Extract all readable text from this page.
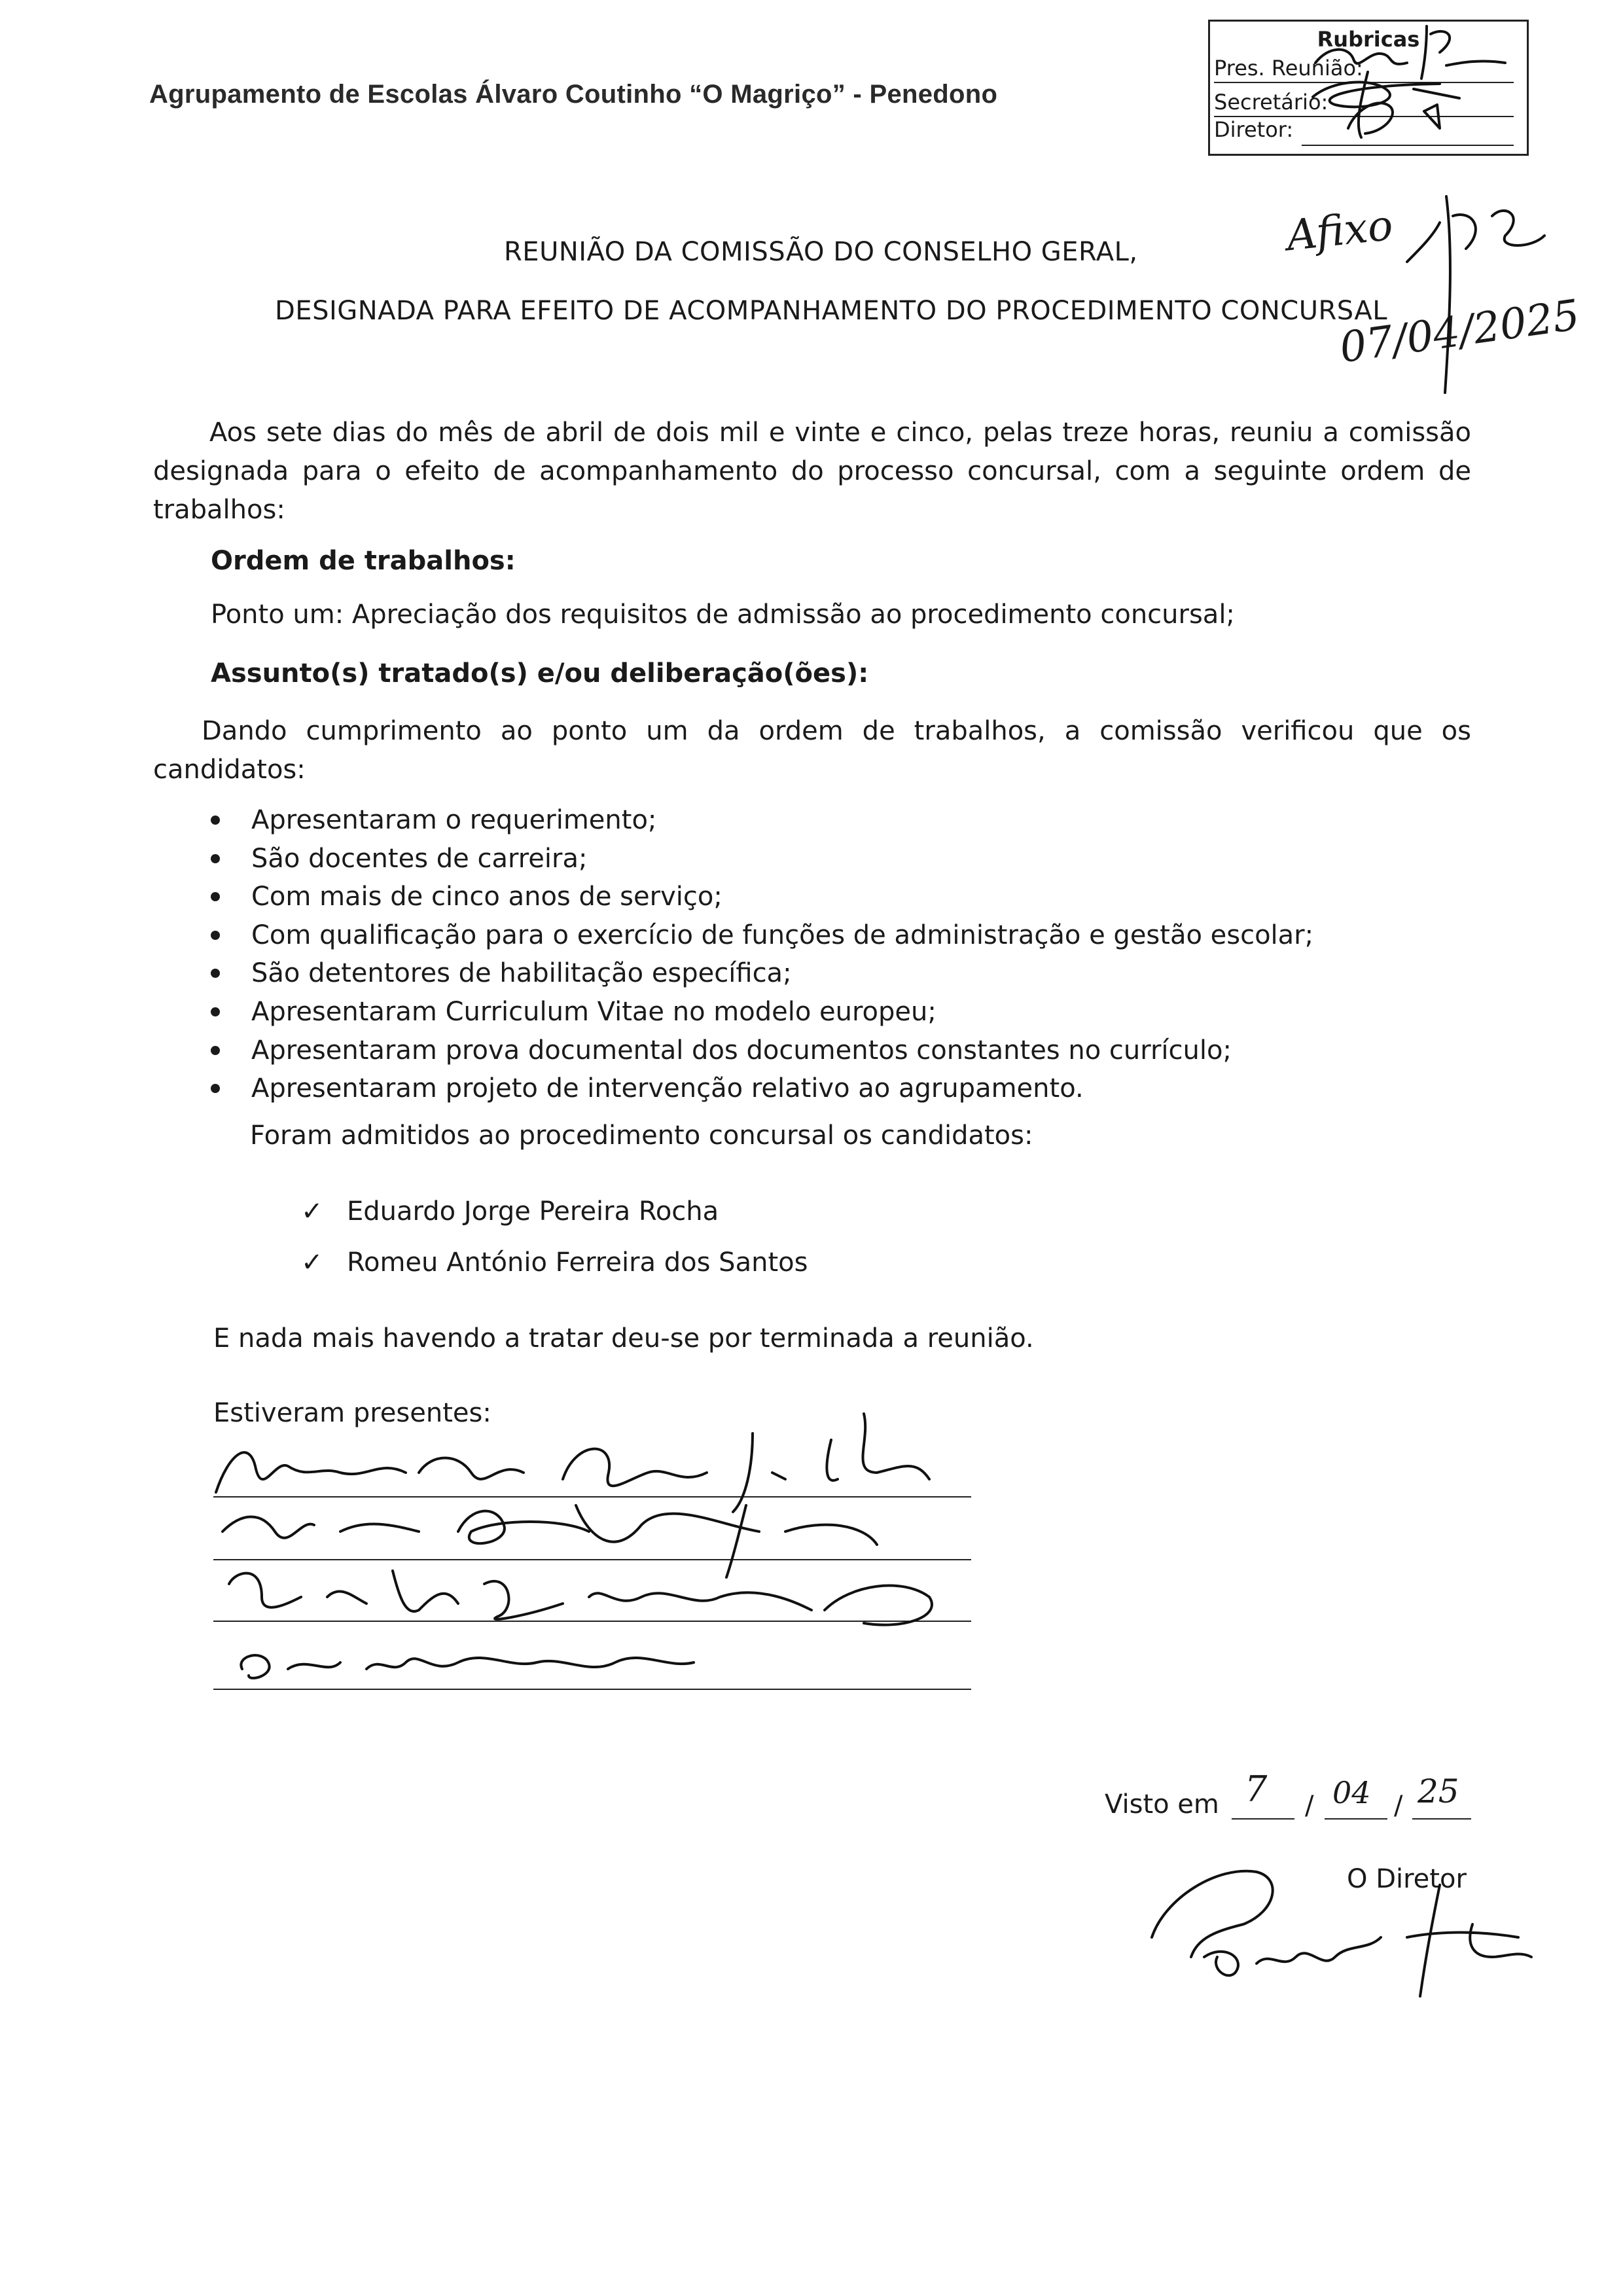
Agrupamento de Escolas Álvaro Coutinho “O Magriço” - Penedono
Rubricas
Pres. Reunião:
Secretário:
Diretor:
REUNIÃO DA COMISSÃO DO CONSELHO GERAL,
DESIGNADA PARA EFEITO DE ACOMPANHAMENTO DO PROCEDIMENTO CONCURSAL
Aos sete dias do mês de abril de dois mil e vinte e cinco, pelas treze horas, reuniu a comissão designada para o efeito de acompanhamento do processo concursal, com a seguinte ordem de trabalhos:
Ordem de trabalhos:
Ponto um: Apreciação dos requisitos de admissão ao procedimento concursal;
Assunto(s) tratado(s) e/ou deliberação(ões):
Dando cumprimento ao ponto um da ordem de trabalhos, a comissão verificou que os candidatos:
Apresentaram o requerimento;
São docentes de carreira;
Com mais de cinco anos de serviço;
Com qualificação para o exercício de funções de administração e gestão escolar;
São detentores de habilitação específica;
Apresentaram Curriculum Vitae no modelo europeu;
Apresentaram prova documental dos documentos constantes no currículo;
Apresentaram projeto de intervenção relativo ao agrupamento.
Foram admitidos ao procedimento concursal os candidatos:
✓ Eduardo Jorge Pereira Rocha
✓ Romeu António Ferreira dos Santos
E nada mais havendo a tratar deu-se por terminada a reunião.
Estiveram presentes:
Visto em	/	/
7 04 25
O Diretor
Afixo
07/04/2025
